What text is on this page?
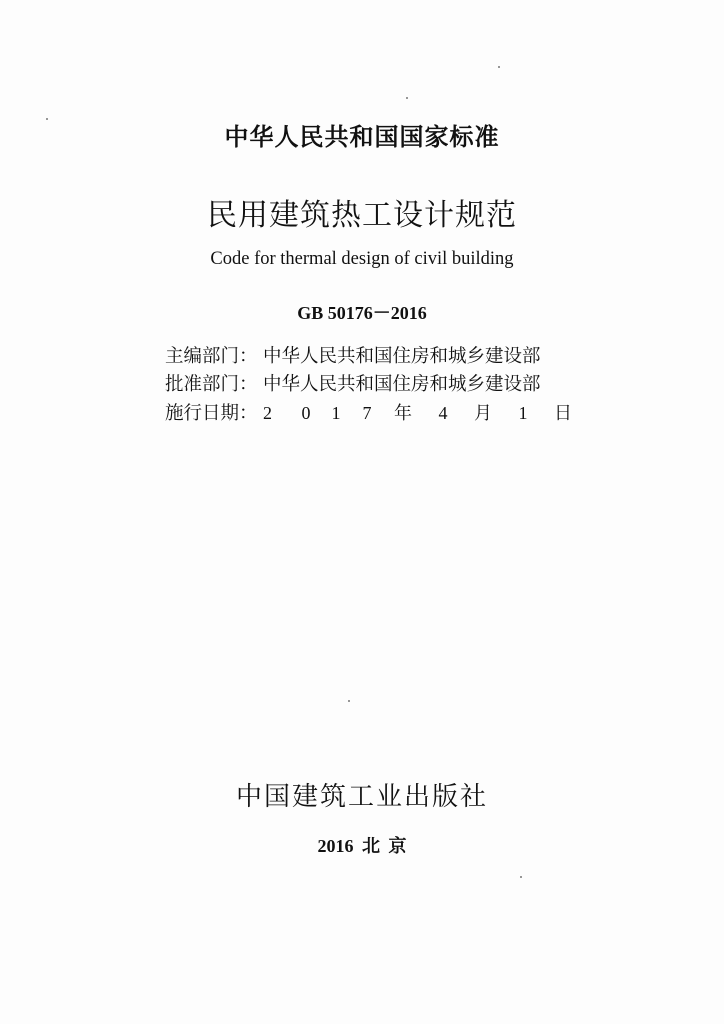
中华人民共和国国家标准
民用建筑热工设计规范
Code for thermal design of civil building
GB 50176－2016
主编部门： 中华人民共和国住房和城乡建设部
批准部门： 中华人民共和国住房和城乡建设部
施行日期： 2 0 1 7 年 4 月 1 日
中国建筑工业出版社
2016 北 京
